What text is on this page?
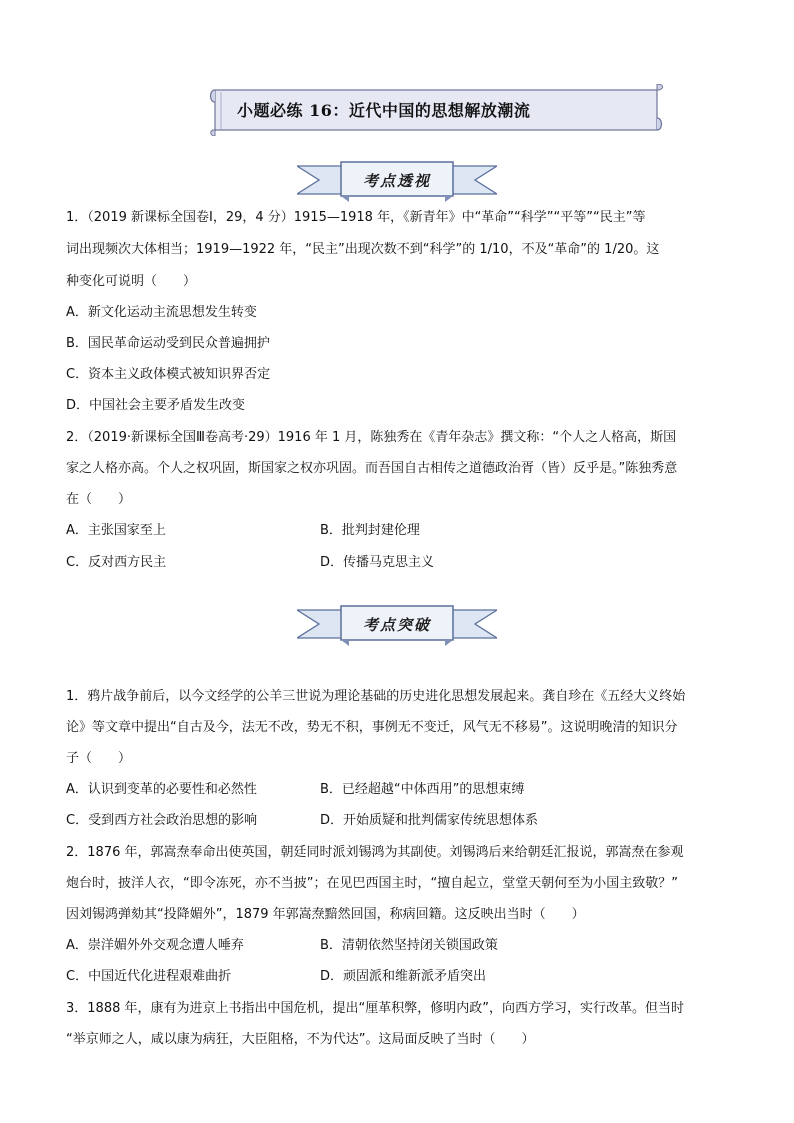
小题必练 16：近代中国的思想解放潮流
考点透视
1．（2019 新课标全国卷Ⅰ，29，4 分）1915—1918 年，《新青年》中“革命”“科学”“平等”“民主”等
词出现频次大体相当；1919—1922 年，“民主”出现次数不到“科学”的 1/10，不及“革命”的 1/20。这
种变化可说明（　　）
A．新文化运动主流思想发生转变
B．国民革命运动受到民众普遍拥护
C．资本主义政体模式被知识界否定
D．中国社会主要矛盾发生改变
2．（2019·新课标全国Ⅲ卷高考·29）1916 年 1 月，陈独秀在《青年杂志》撰文称：“个人之人格高，斯国
家之人格亦高。个人之权巩固，斯国家之权亦巩固。而吾国自古相传之道德政治胥（皆）反乎是。”陈独秀意
在（　　）
A．主张国家至上	B．批判封建伦理
C．反对西方民主	D．传播马克思主义
考点突破
1．鸦片战争前后，以今文经学的公羊三世说为理论基础的历史进化思想发展起来。龚自珍在《五经大义终始
论》等文章中提出“自古及今，法无不改，势无不积，事例无不变迁，风气无不移易”。这说明晚清的知识分
子（　　）
A．认识到变革的必要性和必然性	B．已经超越“中体西用”的思想束缚
C．受到西方社会政治思想的影响	D．开始质疑和批判儒家传统思想体系
2．1876 年，郭嵩焘奉命出使英国，朝廷同时派刘锡鸿为其副使。刘锡鸿后来给朝廷汇报说，郭嵩焘在参观
炮台时，披洋人衣，“即令冻死，亦不当披”；在见巴西国主时，“擅自起立，堂堂天朝何至为小国主致敬？”
因刘锡鸿弹劾其“投降媚外”，1879 年郭嵩焘黯然回国，称病回籍。这反映出当时（　　）
A．崇洋媚外外交观念遭人唾弃	B．清朝依然坚持闭关锁国政策
C．中国近代化进程艰难曲折	D．顽固派和维新派矛盾突出
3．1888 年，康有为进京上书指出中国危机，提出“厘革积弊，修明内政”，向西方学习，实行改革。但当时
“举京师之人，咸以康为病狂，大臣阻格，不为代达”。这局面反映了当时（　　）
